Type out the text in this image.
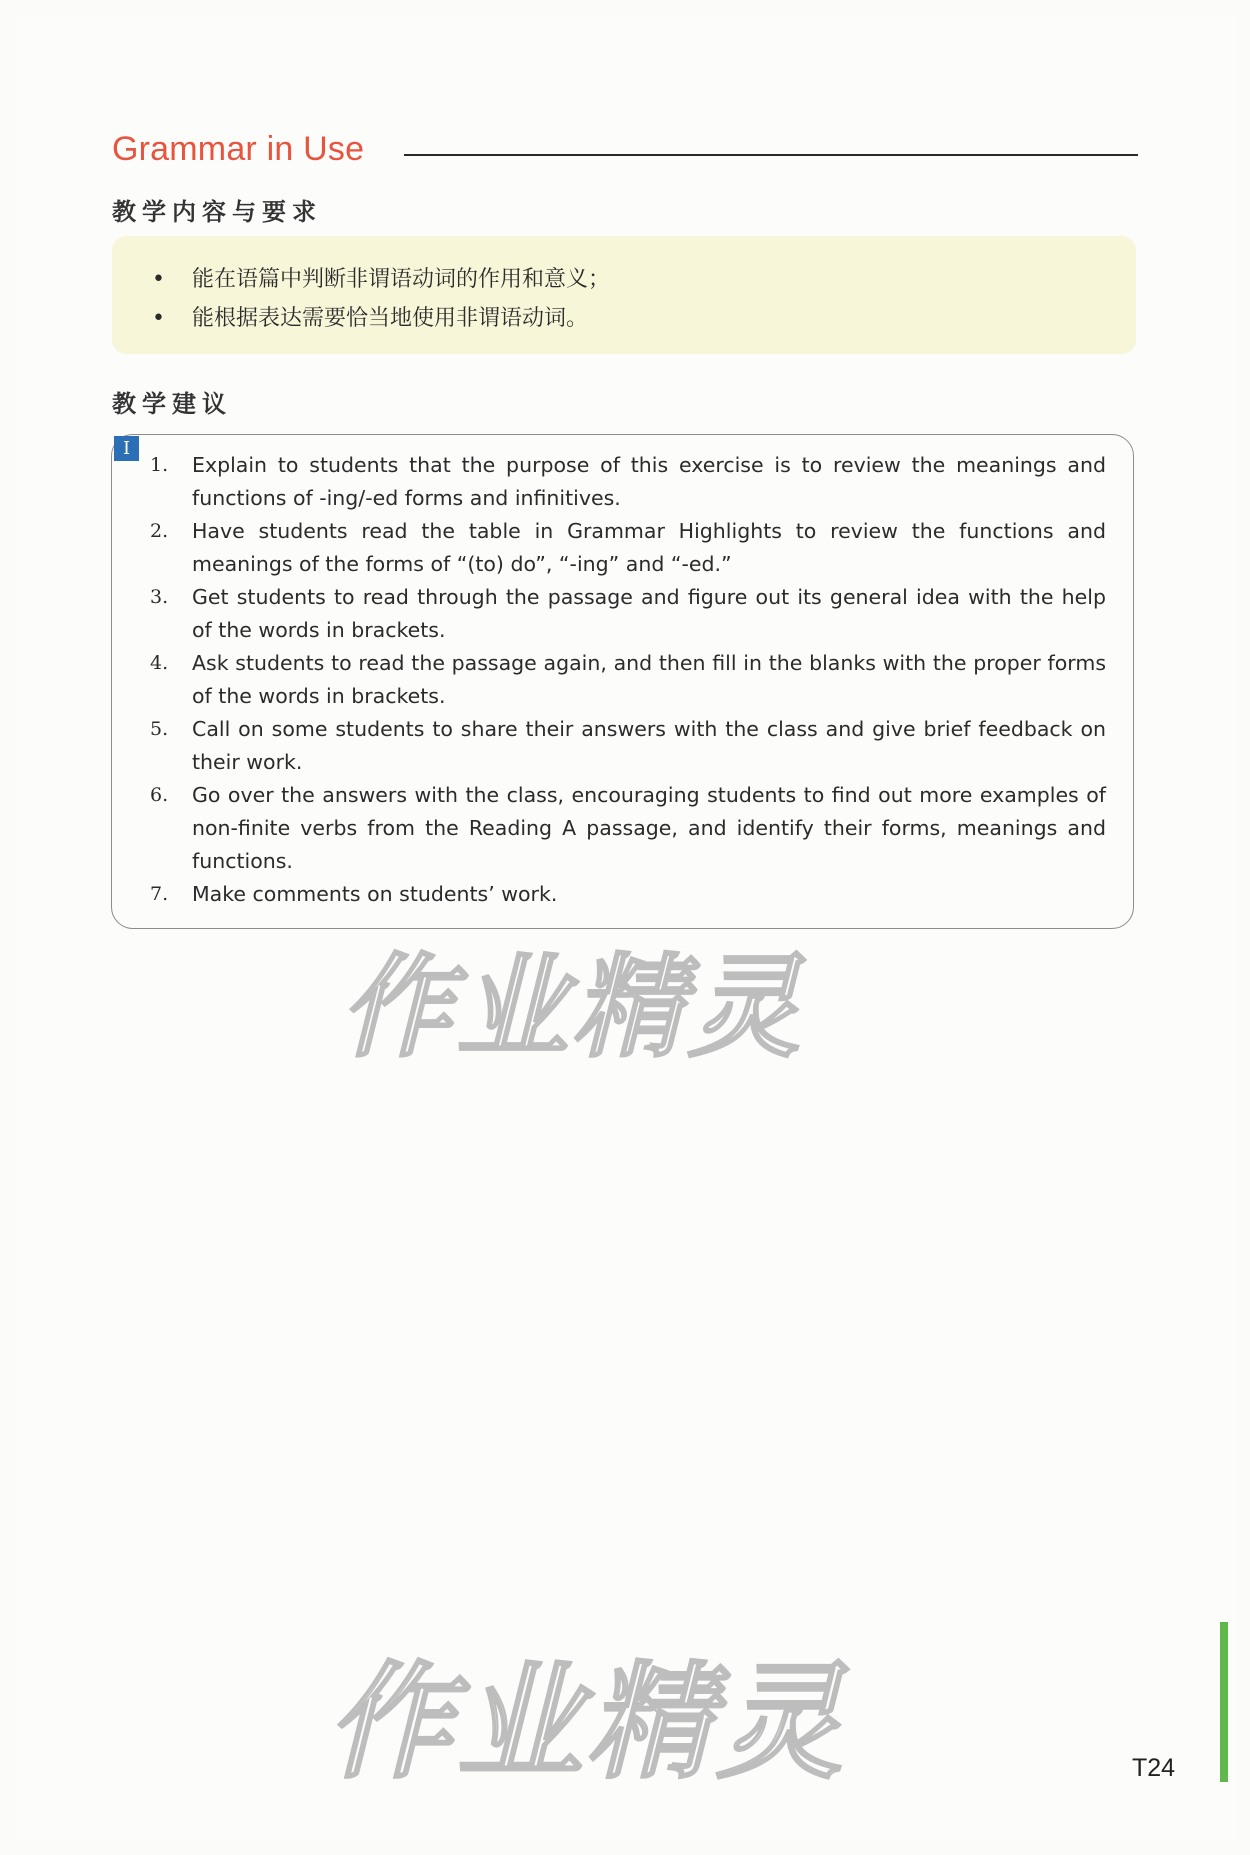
Grammar in Use
教学内容与要求
• 能在语篇中判断非谓语动词的作用和意义；
• 能根据表达需要恰当地使用非谓语动词。
教学建议
I
1. Explain to students that the purpose of this exercise is to review the meanings and functions of -ing/-ed forms and infinitives.
2. Have students read the table in Grammar Highlights to review the functions and meanings of the forms of “(to) do”, “-ing” and “-ed.”
3. Get students to read through the passage and figure out its general idea with the help of the words in brackets.
4. Ask students to read the passage again, and then fill in the blanks with the proper forms of the words in brackets.
5. Call on some students to share their answers with the class and give brief feedback on their work.
6. Go over the answers with the class, encouraging students to find out more examples of non-finite verbs from the Reading A passage, and identify their forms, meanings and functions.
7. Make comments on students’ work.
作业精灵
作业精灵	T24
